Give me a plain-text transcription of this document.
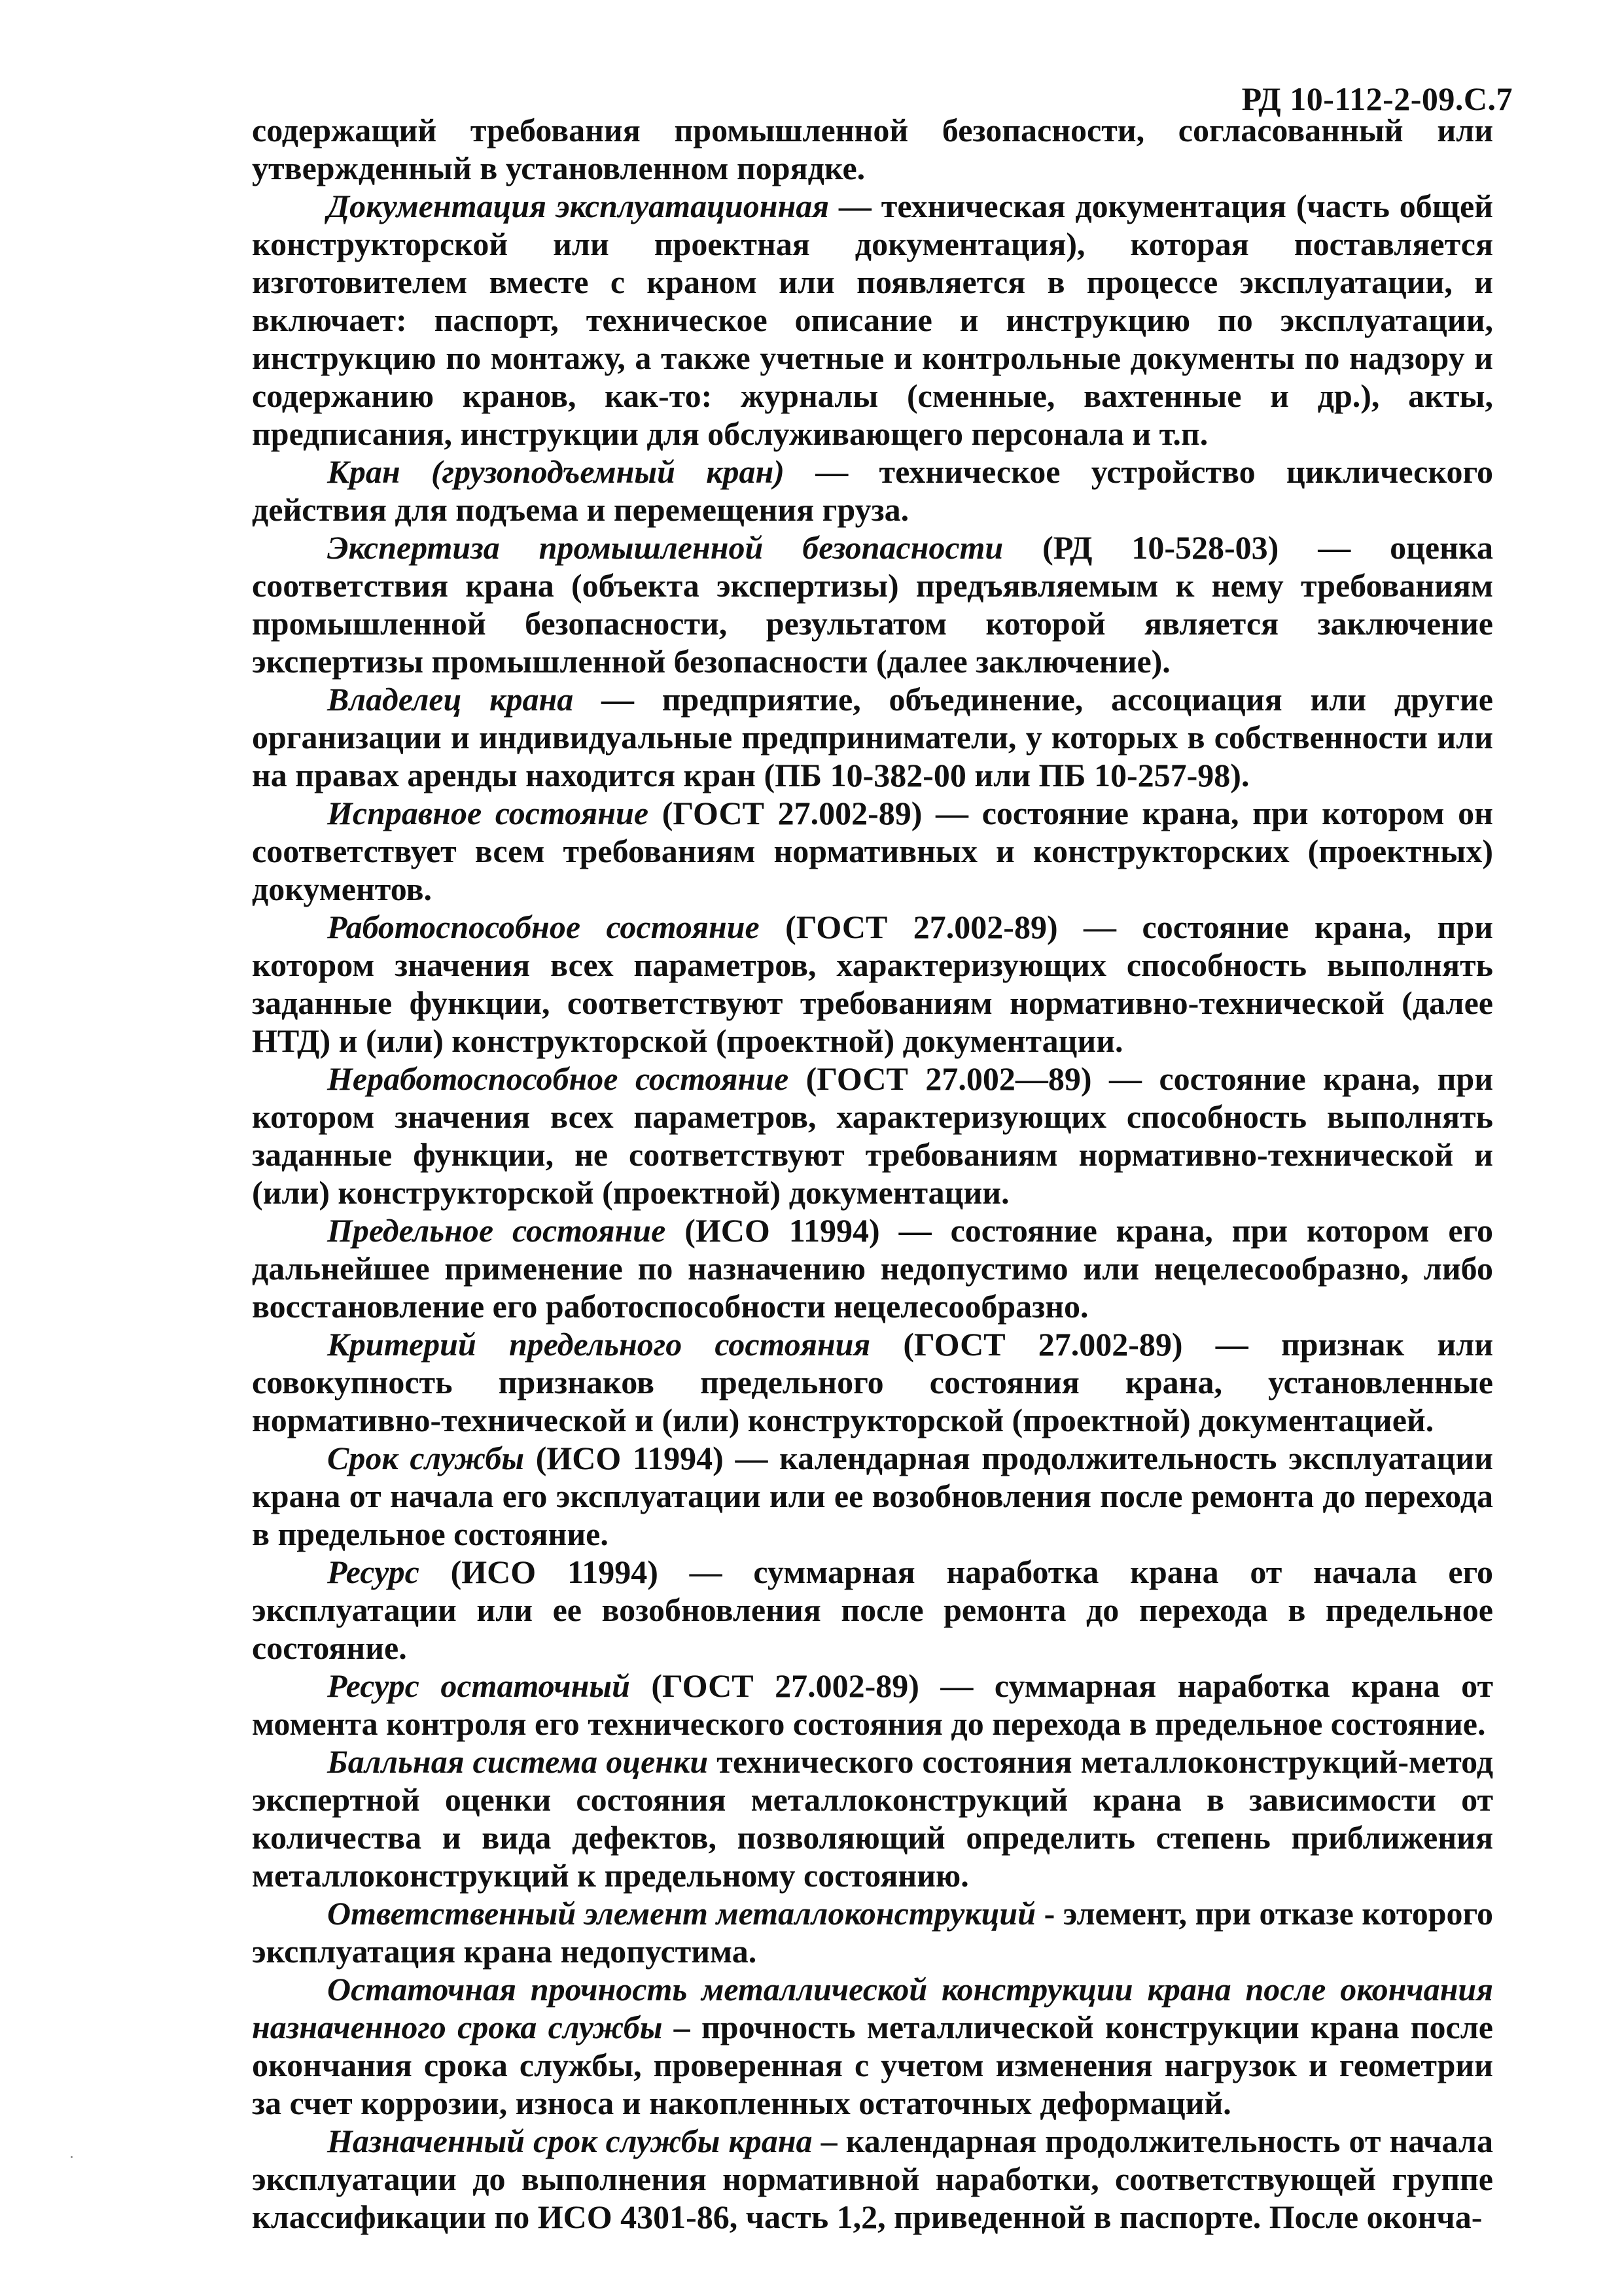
РД 10-112-2-09.С.7

содержащий требования промышленной безопасности, согласованный или утвержденный в установленном порядке.

Документация эксплуатационная — техническая документация (часть общей конструкторской или проектная документация), которая поставляется изготовителем вместе с краном или появляется в процессе эксплуатации, и включает: паспорт, техническое описание и инструкцию по эксплуатации, инструкцию по монтажу, а также учетные и контрольные документы по надзору и содержанию кранов, как-то: журналы (сменные, вахтенные и др.), акты, предписания, инструкции для обслуживающего персонала и т.п.

Кран (грузоподъемный кран) — техническое устройство циклического действия для подъема и перемещения груза.

Экспертиза промышленной безопасности (РД 10-528-03) — оценка соответствия крана (объекта экспертизы) предъявляемым к нему требованиям промышленной безопасности, результатом которой является заключение экспертизы промышленной безопасности (далее заключение).

Владелец крана — предприятие, объединение, ассоциация или другие организации и индивидуальные предприниматели, у которых в собственности или на правах аренды находится кран (ПБ 10-382-00 или ПБ 10-257-98).

Исправное состояние (ГОСТ 27.002-89) — состояние крана, при котором он соответствует всем требованиям нормативных и конструкторских (проектных) документов.

Работоспособное состояние (ГОСТ 27.002-89) — состояние крана, при котором значения всех параметров, характеризующих способность выполнять заданные функции, соответствуют требованиям нормативно-технической (далее НТД) и (или) конструкторской (проектной) документации.

Неработоспособное состояние (ГОСТ 27.002—89) — состояние крана, при котором значения всех параметров, характеризующих способность выполнять заданные функции, не соответствуют требованиям нормативно-технической и (или) конструкторской (проектной) документации.

Предельное состояние (ИСО 11994) — состояние крана, при котором его дальнейшее применение по назначению недопустимо или нецелесообразно, либо восстановление его работоспособности нецелесообразно.

Критерий предельного состояния (ГОСТ 27.002-89) — признак или совокупность признаков предельного состояния крана, установленные нормативно-технической и (или) конструкторской (проектной) документацией.

Срок службы (ИСО 11994) — календарная продолжительность эксплуатации крана от начала его эксплуатации или ее возобновления после ремонта до перехода в предельное состояние.

Ресурс (ИСО 11994) — суммарная наработка крана от начала его эксплуатации или ее возобновления после ремонта до перехода в предельное состояние.

Ресурс остаточный (ГОСТ 27.002-89) — суммарная наработка крана от момента контроля его технического состояния до перехода в предельное состояние.

Балльная система оценки технического состояния металлоконструкций-метод экспертной оценки состояния металлоконструкций крана в зависимости от количества и вида дефектов, позволяющий определить степень приближения металлоконструкций к предельному состоянию.

Ответственный элемент металлоконструкций - элемент, при отказе которого эксплуатация крана недопустима.

Остаточная прочность металлической конструкции крана после окончания назначенного срока службы – прочность металлической конструкции крана после окончания срока службы, проверенная с учетом изменения нагрузок и геометрии за счет коррозии, износа и накопленных остаточных деформаций.

Назначенный срок службы крана – календарная продолжительность от начала эксплуатации до выполнения нормативной наработки, соответствующей группе классификации по ИСО 4301-86, часть 1,2, приведенной в паспорте. После оконча-
